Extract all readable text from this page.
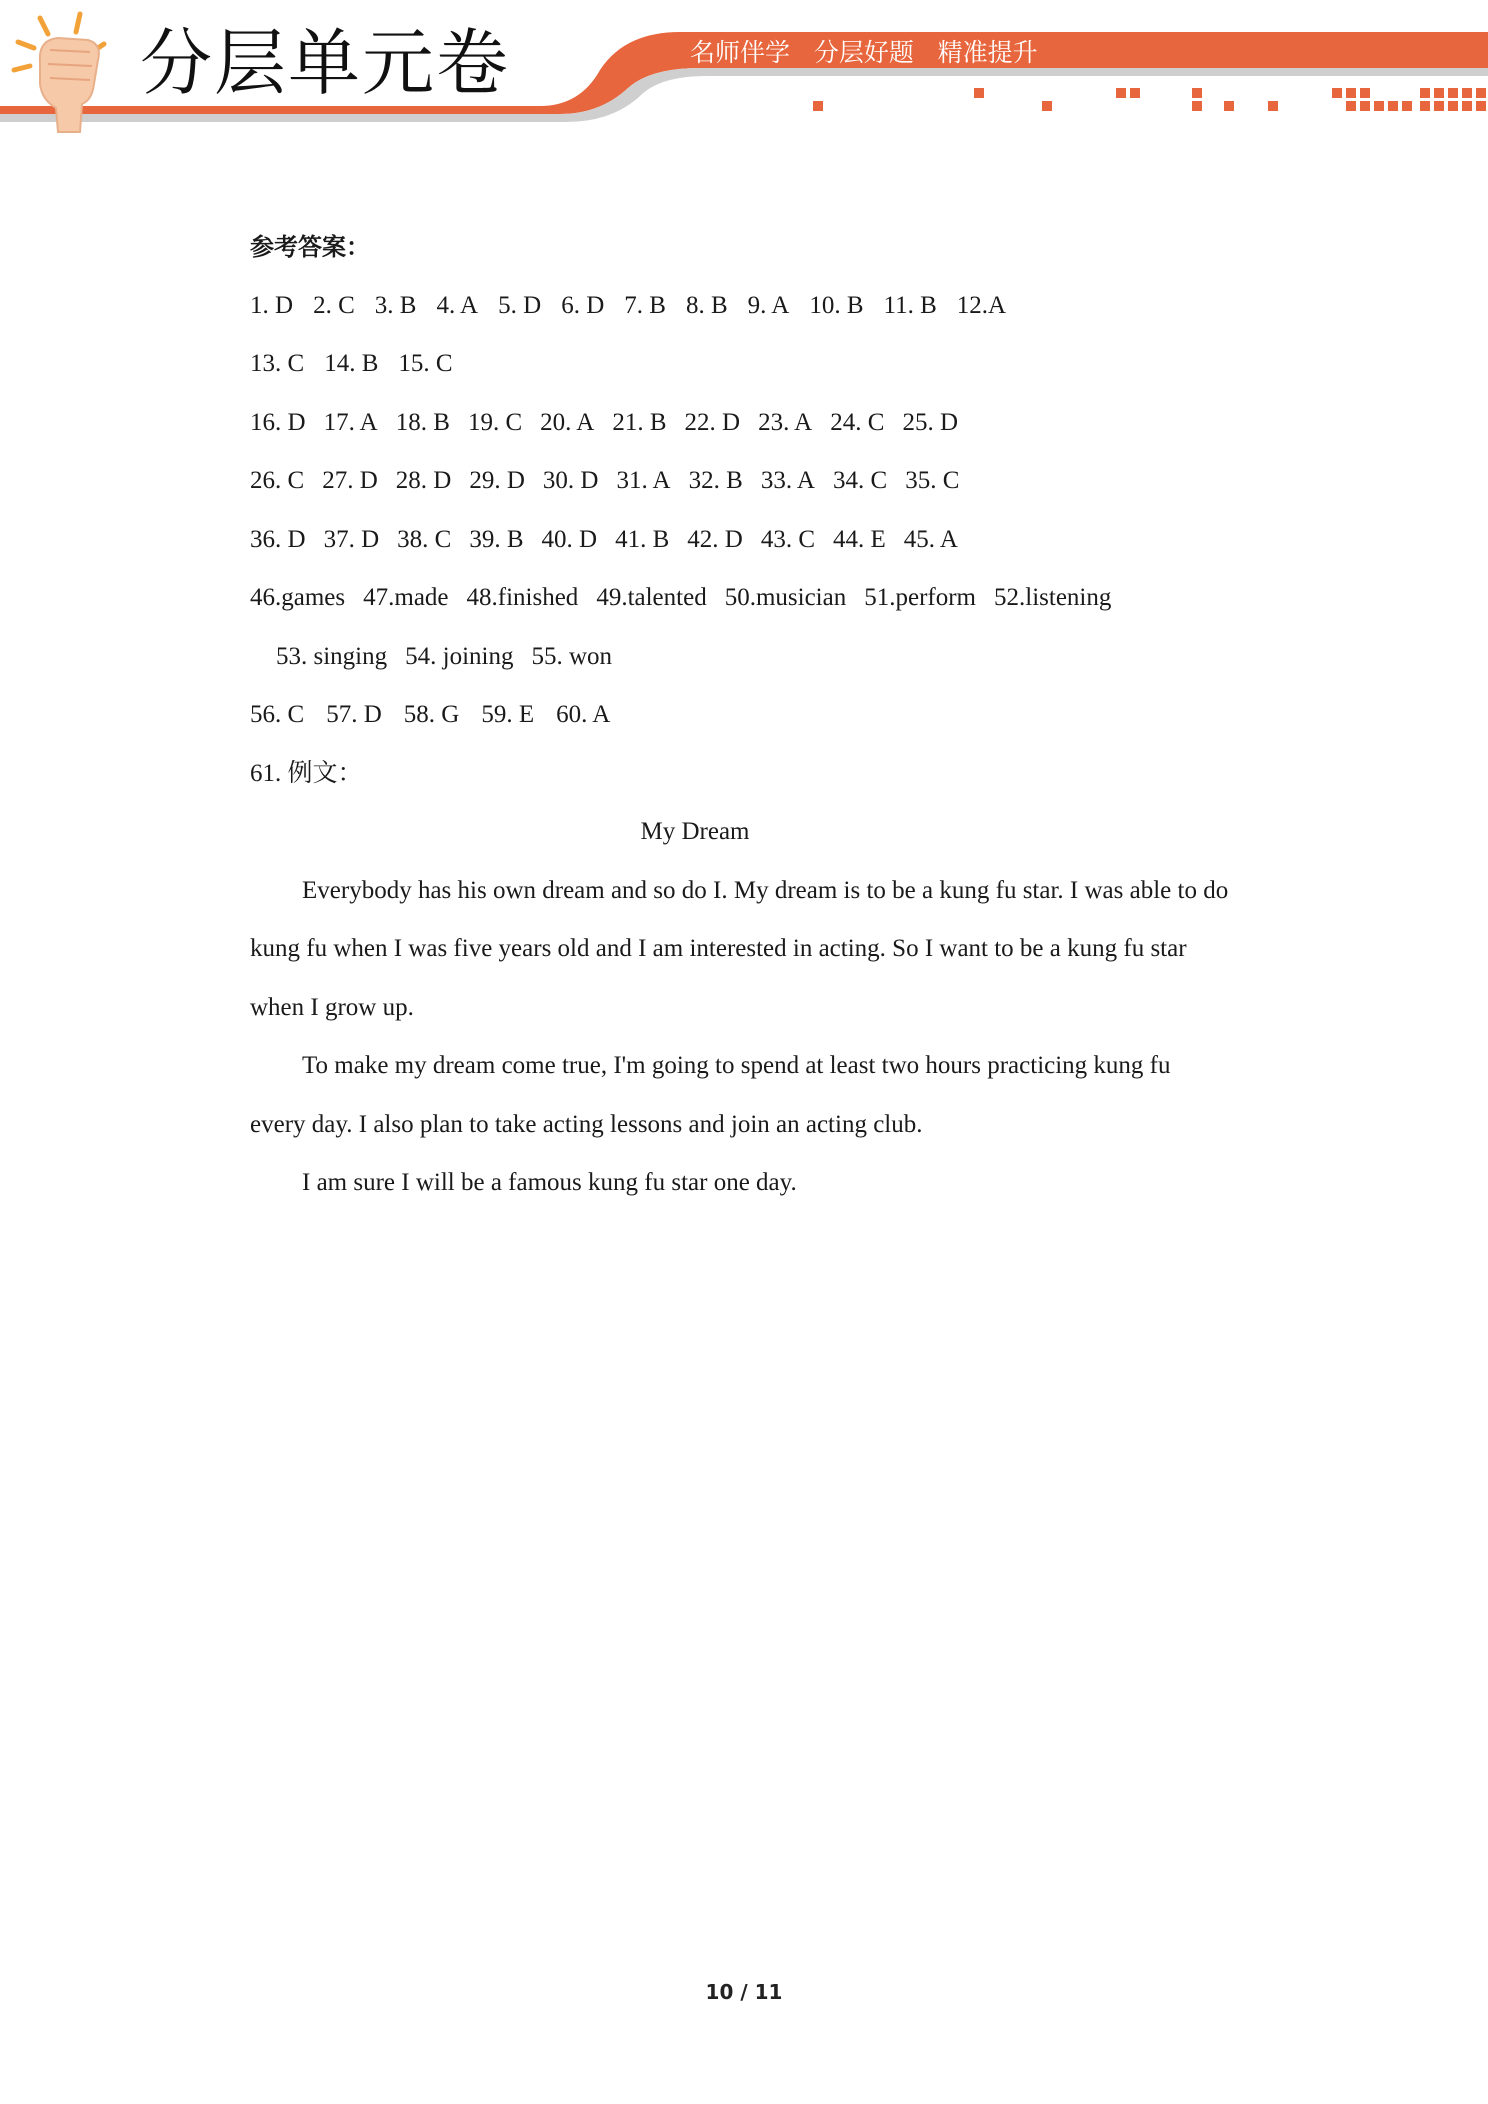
分层单元卷	名师伴学   分层好题   精准提升
参考答案：
1. D 2. C 3. B 4. A 5. D 6. D 7. B 8. B 9. A 10. B 11. B 12.A
13. C 14. B 15. C
16. D 17. A 18. B 19. C 20. A 21. B 22. D 23. A 24. C 25. D
26. C 27. D 28. D 29. D 30. D 31. A 32. B 33. A 34. C 35. C
36. D 37. D 38. C 39. B 40. D 41. B 42. D 43. C 44. E 45. A
46.games 47.made 48.finished 49.talented 50.musician 51.perform 52.listening
53. singing 54. joining 55. won
56. C 57. D 58. G 59. E 60. A
61. 例文：
My Dream
Everybody has his own dream and so do I. My dream is to be a kung fu star. I was able to do kung fu when I was five years old and I am interested in acting. So I want to be a kung fu star when I grow up.
To make my dream come true, I'm going to spend at least two hours practicing kung fu every day. I also plan to take acting lessons and join an acting club.
I am sure I will be a famous kung fu star one day.
10 / 11
